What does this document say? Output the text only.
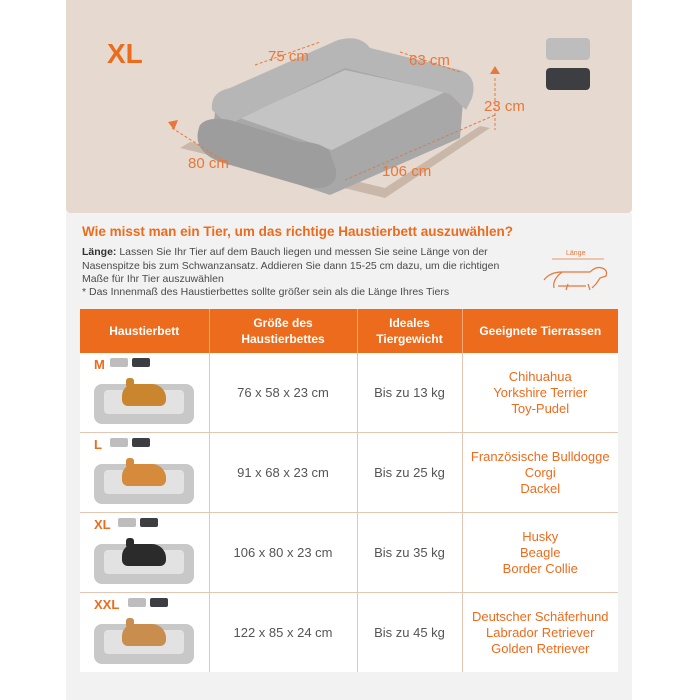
XL	75 cm	63 cm
23 cm
80 cm	106 cm
Wie misst man ein Tier, um das richtige Haustierbett auszuwählen?
Länge: Lassen Sie Ihr Tier auf dem Bauch liegen und messen Sie seine Länge von der Nasenspitze bis zum Schwanzansatz. Addieren Sie dann 15-25 cm dazu, um die richtigen Maße für Ihr Tier auszuwählen
* Das Innenmaß des Haustierbettes sollte größer sein als die Länge Ihres Tiers
Länge
Haustierbett	Größe des Haustierbettes	Ideales Tiergewicht	Geeignete Tierrassen

M	76 x 58 x 23 cm	Bis zu 13 kg	Chihuahua
Yorkshire Terrier
Toy-Pudel

L	91 x 68 x 23 cm	Bis zu 25 kg	Französische Bulldogge
Corgi
Dackel

XL	106 x 80 x 23 cm	Bis zu 35 kg	Husky
Beagle
Border Collie

XXL	122 x 85 x 24 cm	Bis zu 45 kg	Deutscher Schäferhund
Labrador Retriever
Golden Retriever
